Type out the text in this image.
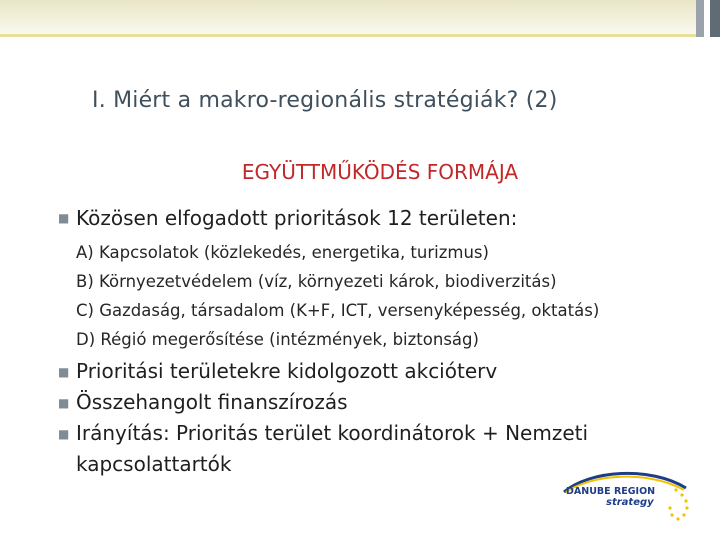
I. Miért a makro-regionális stratégiák? (2)
EGYÜTTMŰKÖDÉS FORMÁJA
■ Közösen elfogadott prioritások 12 területen:
A) Kapcsolatok (közlekedés, energetika, turizmus)
B) Környezetvédelem (víz, környezeti károk, biodiverzitás)
C) Gazdaság, társadalom (K+F, ICT, versenyképesség, oktatás)
D) Régió megerősítése (intézmények, biztonság)
■ Prioritási területekre kidolgozott akcióterv
■ Összehangolt finanszírozás
■ Irányítás: Prioritás terület koordinátorok + Nemzeti kapcsolattartók
DANUBE REGION
strategy
